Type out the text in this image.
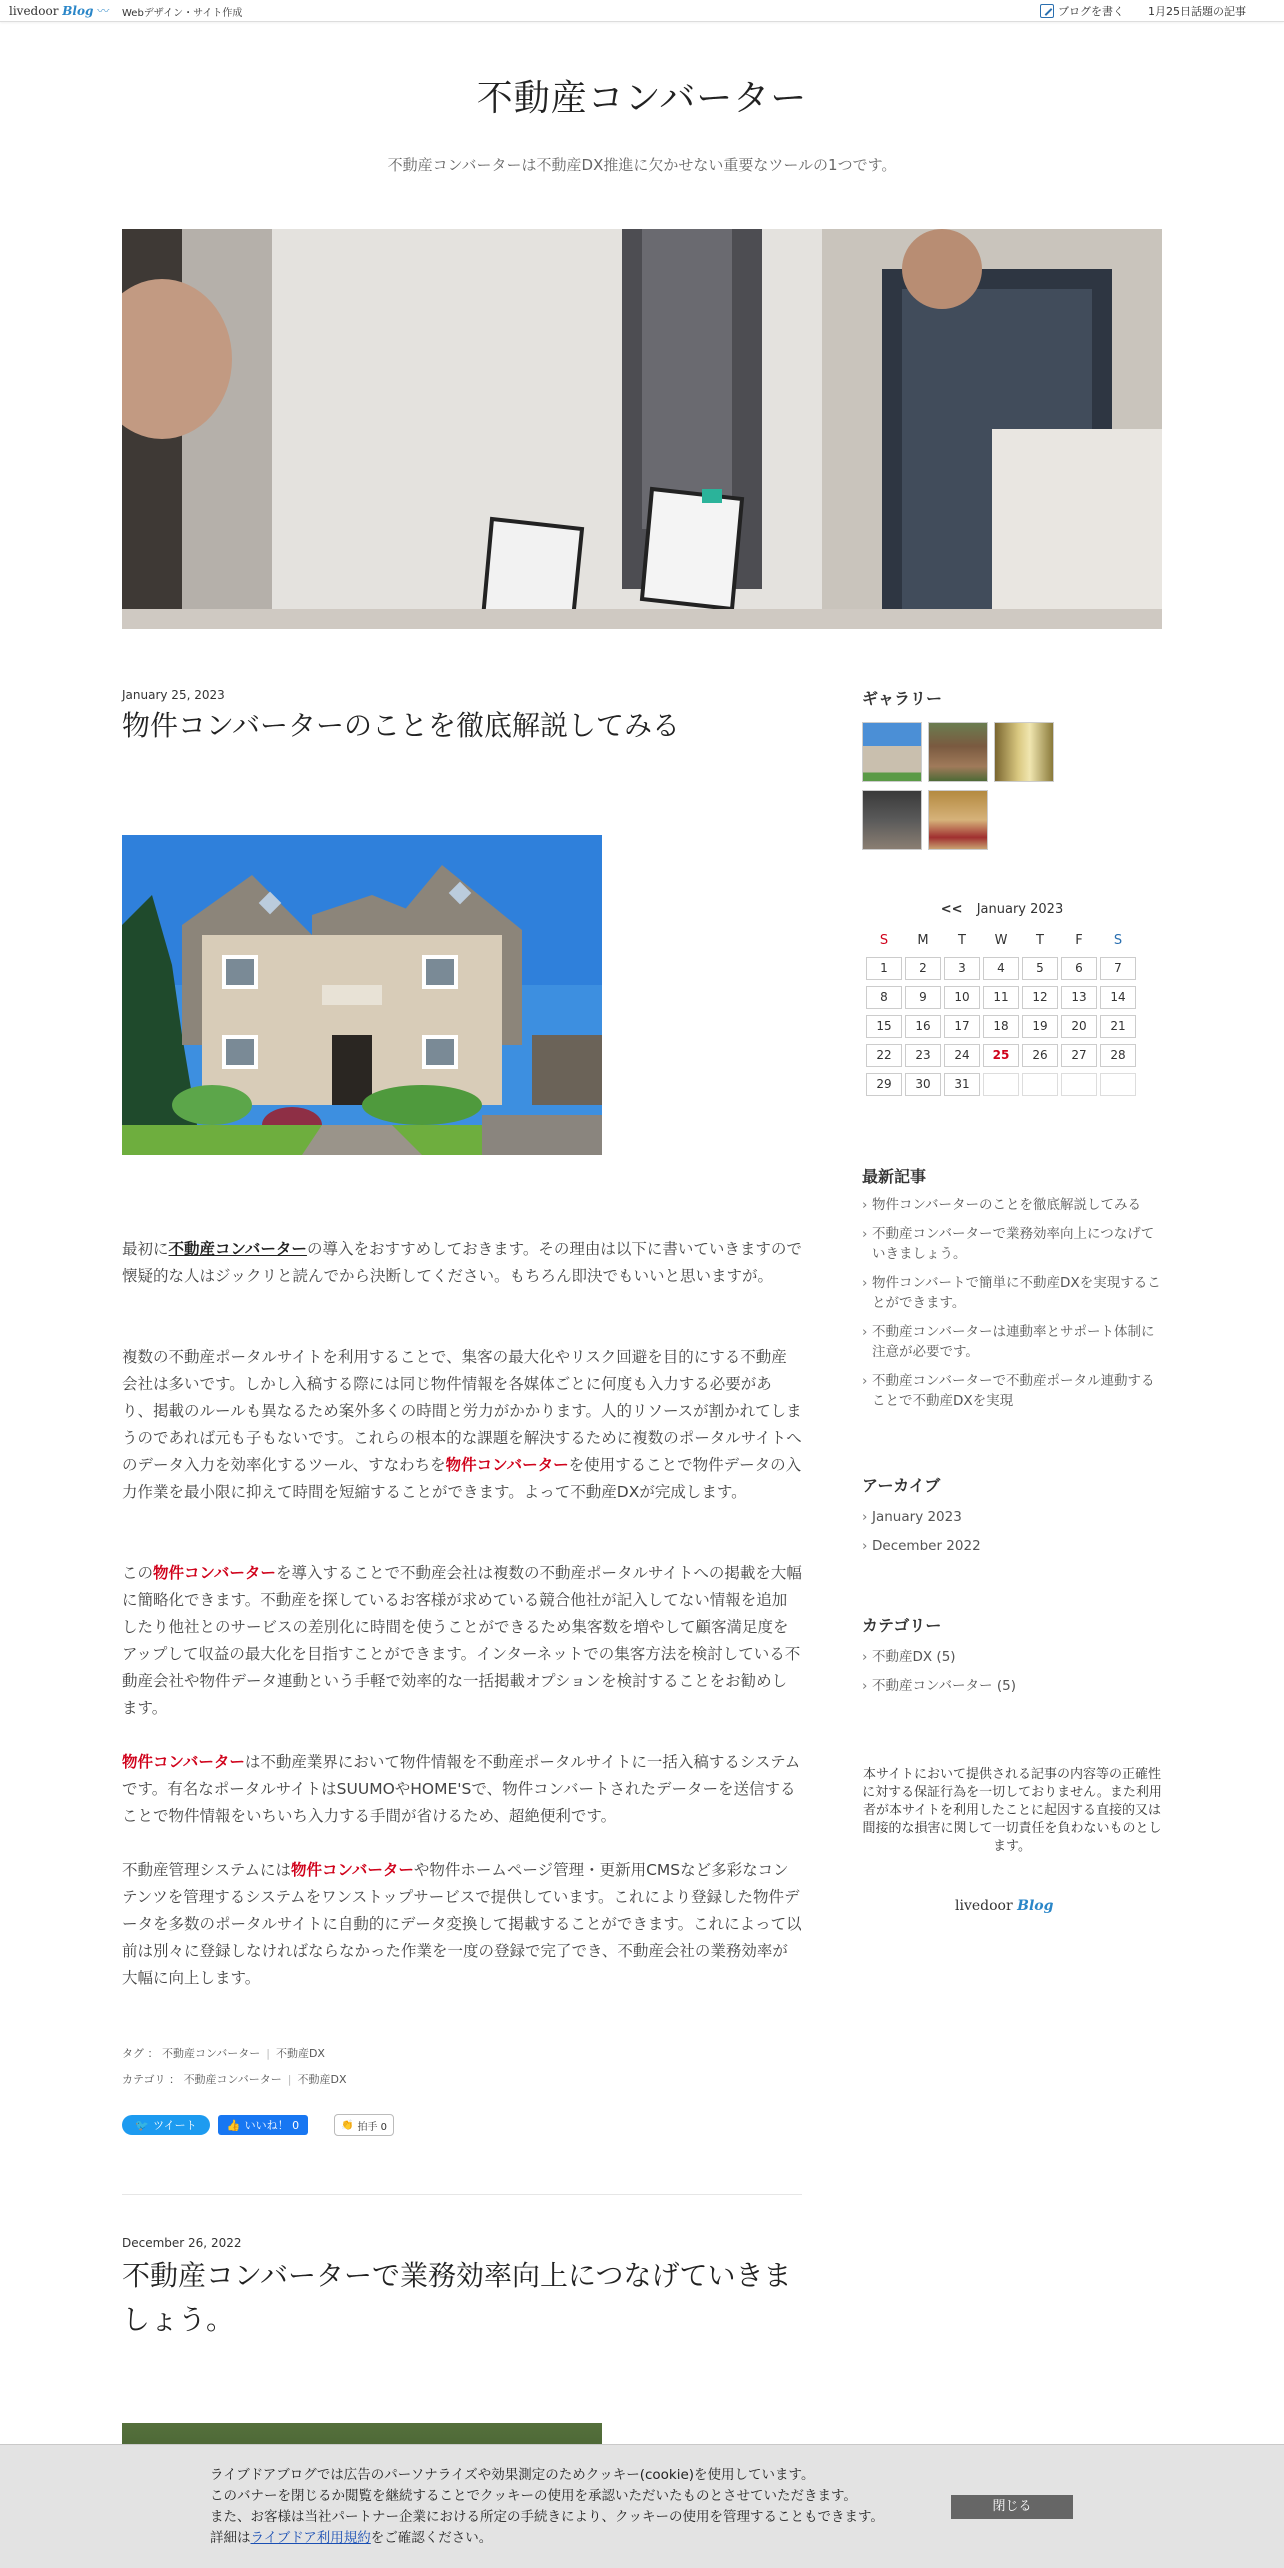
livedoor Blog 〰 Webデザイン・サイト作成	ブログを書く 1月25日話題の記事
不動産コンバーター
不動産コンバーターは不動産DX推進に欠かせない重要なツールの1つです。
January 25, 2023
物件コンバーターのことを徹底解説してみる
最初に不動産コンバーターの導入をおすすめしておきます。その理由は以下に書いていきますので懐疑的な人はジックリと読んでから決断してください。もちろん即決でもいいと思いますが。
複数の不動産ポータルサイトを利用することで、集客の最大化やリスク回避を目的にする不動産会社は多いです。しかし入稿する際には同じ物件情報を各媒体ごとに何度も入力する必要があり、掲載のルールも異なるため案外多くの時間と労力がかかります。人的リソースが割かれてしまうのであれば元も子もないです。これらの根本的な課題を解決するために複数のポータルサイトへのデータ入力を効率化するツール、すなわちを物件コンバーターを使用することで物件データの入力作業を最小限に抑えて時間を短縮することができます。よって不動産DXが完成します。
この物件コンバーターを導入することで不動産会社は複数の不動産ポータルサイトへの掲載を大幅に簡略化できます。不動産を探しているお客様が求めている競合他社が記入してない情報を追加したり他社とのサービスの差別化に時間を使うことができるため集客数を増やして顧客満足度をアップして収益の最大化を目指すことができます。インターネットでの集客方法を検討している不動産会社や物件データ連動という手軽で効率的な一括掲載オプションを検討することをお勧めします。
物件コンバーターは不動産業界において物件情報を不動産ポータルサイトに一括入稿するシステムです。有名なポータルサイトはSUUMOやHOME'Sで、物件コンバートされたデーターを送信することで物件情報をいちいち入力する手間が省けるため、超絶便利です。
不動産管理システムには物件コンバーターや物件ホームページ管理・更新用CMSなど多彩なコンテンツを管理するシステムをワンストップサービスで提供しています。これにより登録した物件データを多数のポータルサイトに自動的にデータ変換して掲載することができます。これによって以前は別々に登録しなければならなかった作業を一度の登録で完了でき、不動産会社の業務効率が大幅に向上します。
タグ ： 不動産コンバーター | 不動産DX
カテゴリ ： 不動産コンバーター | 不動産DX
🐦 ツイート	👍 いいね！ 0	👏 拍手 0
December 26, 2022
不動産コンバーターで業務効率向上につなげていきましょう。
ギャラリー
<< January 2023
S	M	T	W	T	F	S
1	2	3	4	5	6	7
8	9	10	11	12	13	14
15	16	17	18	19	20	21
22	23	24	25	26	27	28
29	30	31
最新記事
› 物件コンバーターのことを徹底解説してみる
› 不動産コンバーターで業務効率向上につなげていきましょう。
› 物件コンバートで簡単に不動産DXを実現することができます。
› 不動産コンバーターは連動率とサポート体制に注意が必要です。
› 不動産コンバーターで不動産ポータル連動することで不動産DXを実現
アーカイブ
› January 2023
› December 2022
カテゴリー
› 不動産DX (5)
› 不動産コンバーター (5)
本サイトにおいて提供される記事の内容等の正確性に対する保証行為を一切しておりません。また利用者が本サイトを利用したことに起因する直接的又は間接的な損害に関して一切責任を負わないものとします。
livedoor Blog
ライブドアブログでは広告のパーソナライズや効果測定のためクッキー(cookie)を使用しています。
このバナーを閉じるか閲覧を継続することでクッキーの使用を承認いただいたものとさせていただきます。
また、お客様は当社パートナー企業における所定の手続きにより、クッキーの使用を管理することもできます。
詳細はライブドア利用規約をご確認ください。
閉じる
